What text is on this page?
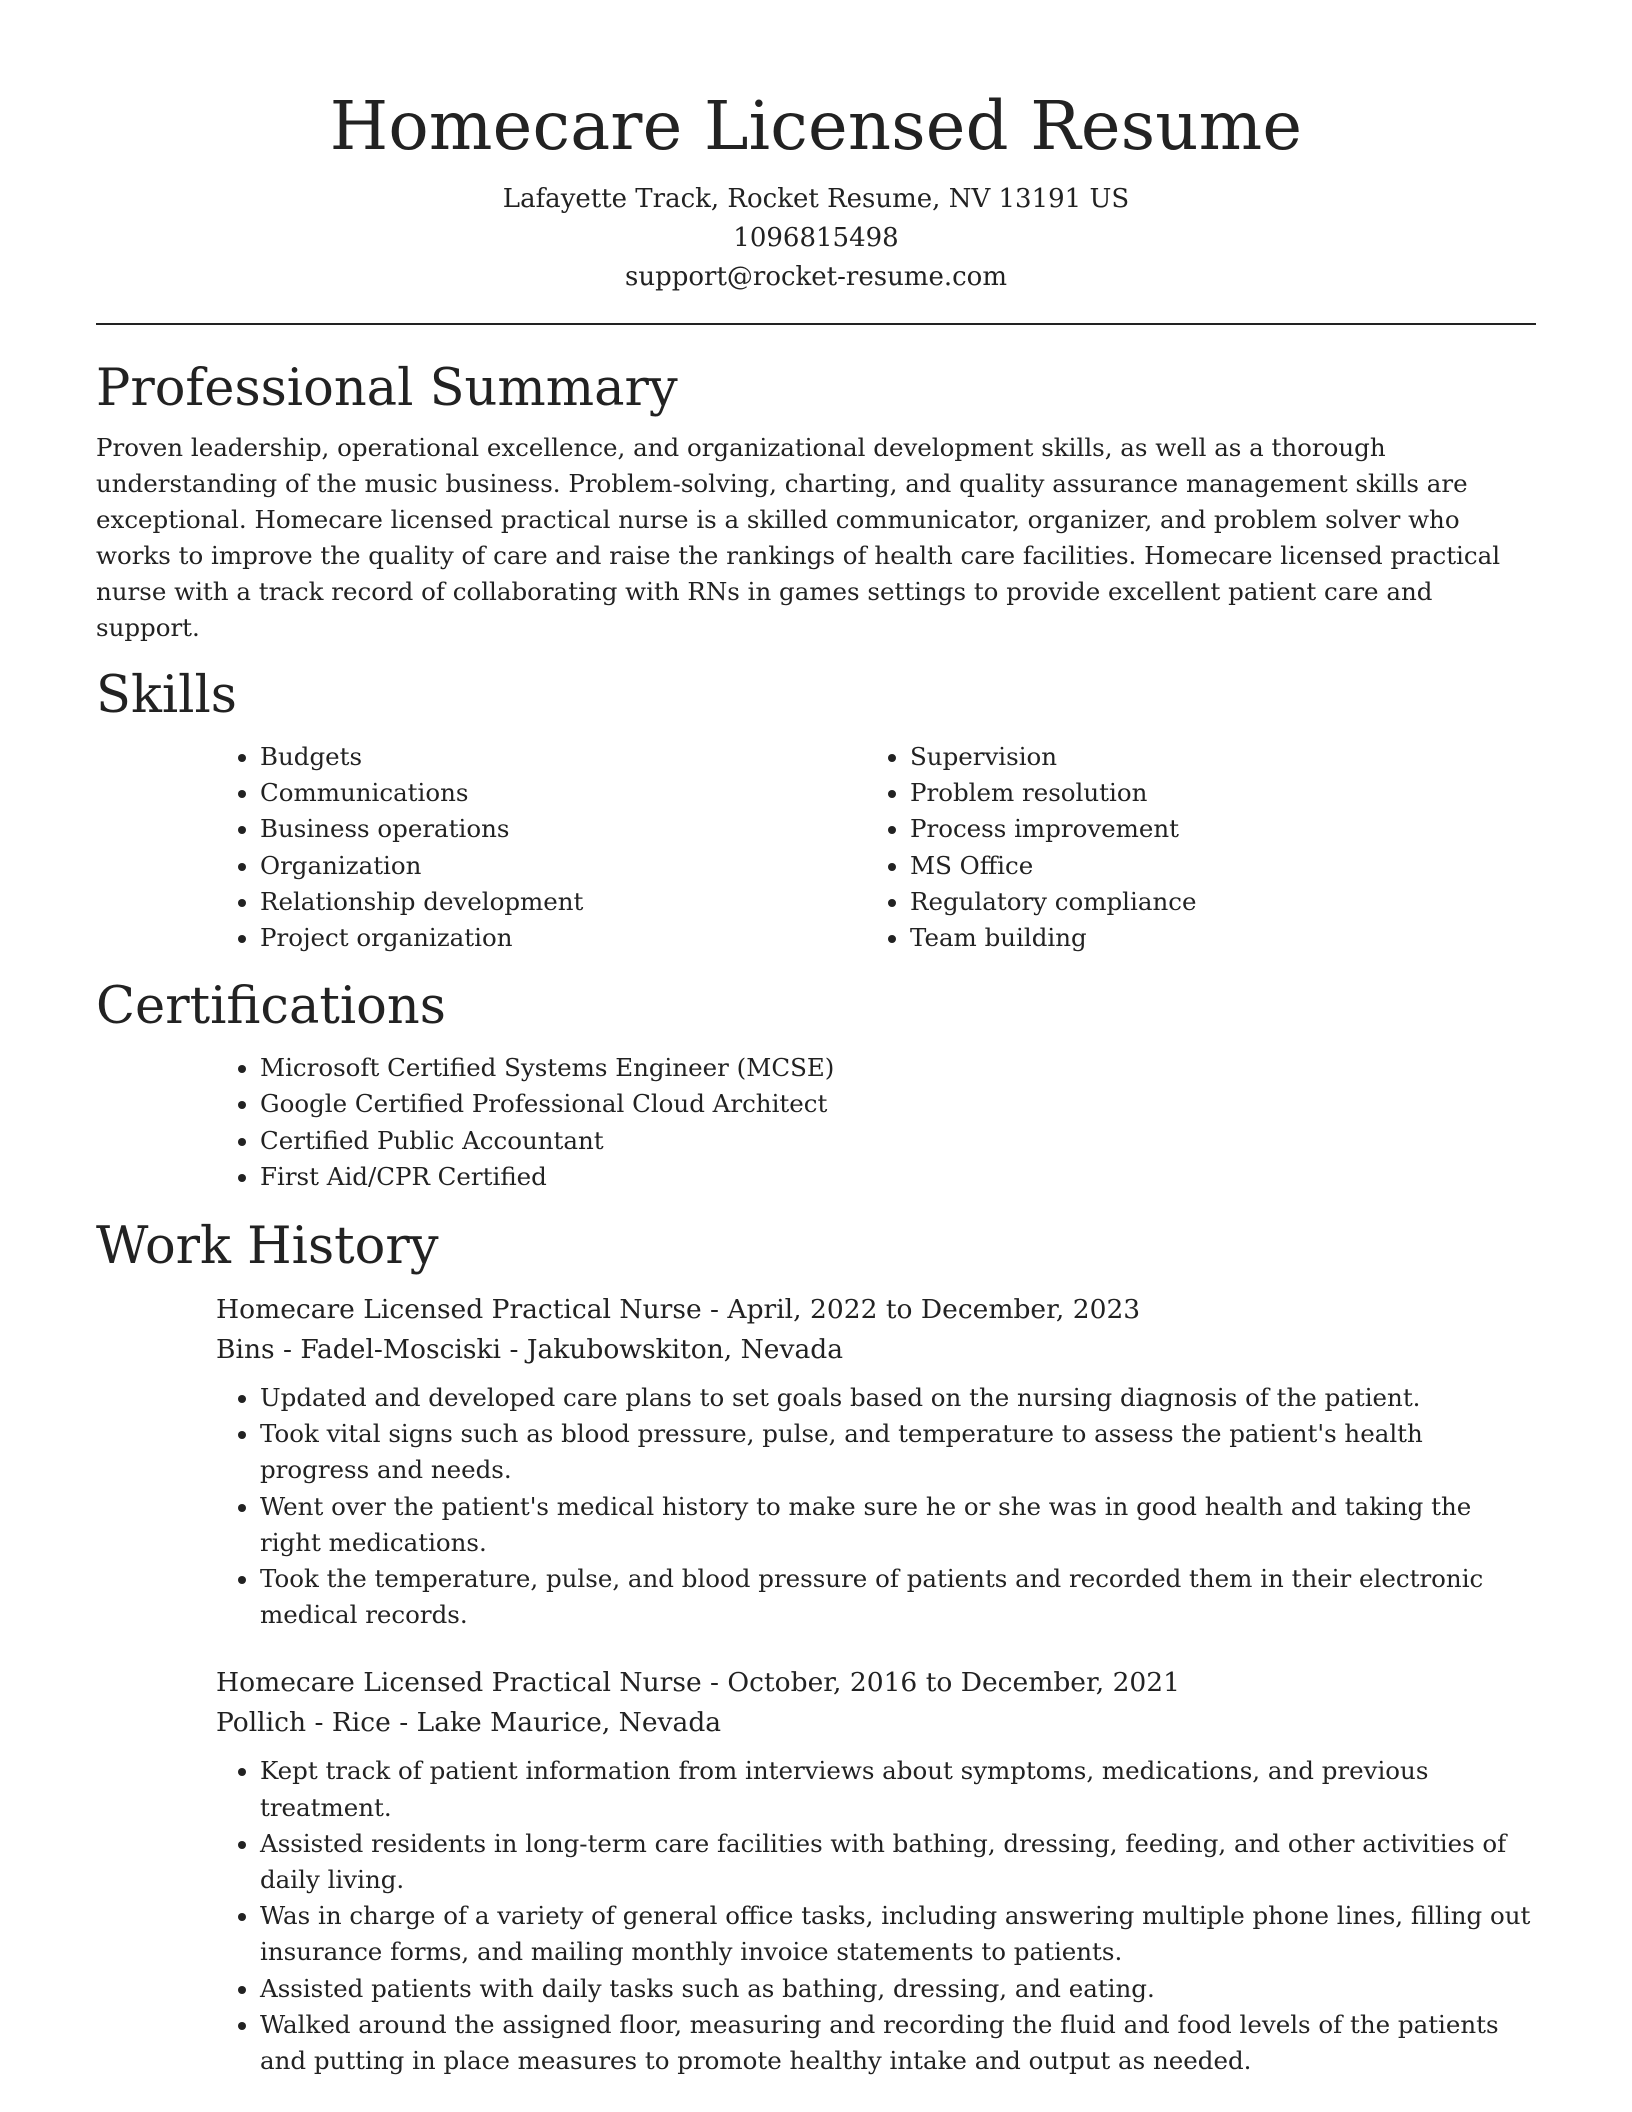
Homecare Licensed Resume
Lafayette Track, Rocket Resume, NV 13191 US
1096815498
support@rocket-resume.com
Professional Summary

Proven leadership, operational excellence, and organizational development skills, as well as a thorough understanding of the music business. Problem-solving, charting, and quality assurance management skills are exceptional. Homecare licensed practical nurse is a skilled communicator, organizer, and problem solver who works to improve the quality of care and raise the rankings of health care facilities. Homecare licensed practical nurse with a track record of collaborating with RNs in games settings to provide excellent patient care and support.

Skills
• Budgets
• Communications
• Business operations
• Organization
• Relationship development
• Project organization
• Supervision
• Problem resolution
• Process improvement
• MS Office
• Regulatory compliance
• Team building
Certifications
• Microsoft Certified Systems Engineer (MCSE)
• Google Certified Professional Cloud Architect
• Certified Public Accountant
• First Aid/CPR Certified
Work History
Homecare Licensed Practical Nurse - April, 2022 to December, 2023
Bins - Fadel-Mosciski - Jakubowskiton, Nevada
• Updated and developed care plans to set goals based on the nursing diagnosis of the patient.
• Took vital signs such as blood pressure, pulse, and temperature to assess the patient's health progress and needs.
• Went over the patient's medical history to make sure he or she was in good health and taking the right medications.
• Took the temperature, pulse, and blood pressure of patients and recorded them in their electronic medical records.
Homecare Licensed Practical Nurse - October, 2016 to December, 2021
Pollich - Rice - Lake Maurice, Nevada
• Kept track of patient information from interviews about symptoms, medications, and previous treatment.
• Assisted residents in long-term care facilities with bathing, dressing, feeding, and other activities of daily living.
• Was in charge of a variety of general office tasks, including answering multiple phone lines, filling out insurance forms, and mailing monthly invoice statements to patients.
• Assisted patients with daily tasks such as bathing, dressing, and eating.
• Walked around the assigned floor, measuring and recording the fluid and food levels of the patients and putting in place measures to promote healthy intake and output as needed.
